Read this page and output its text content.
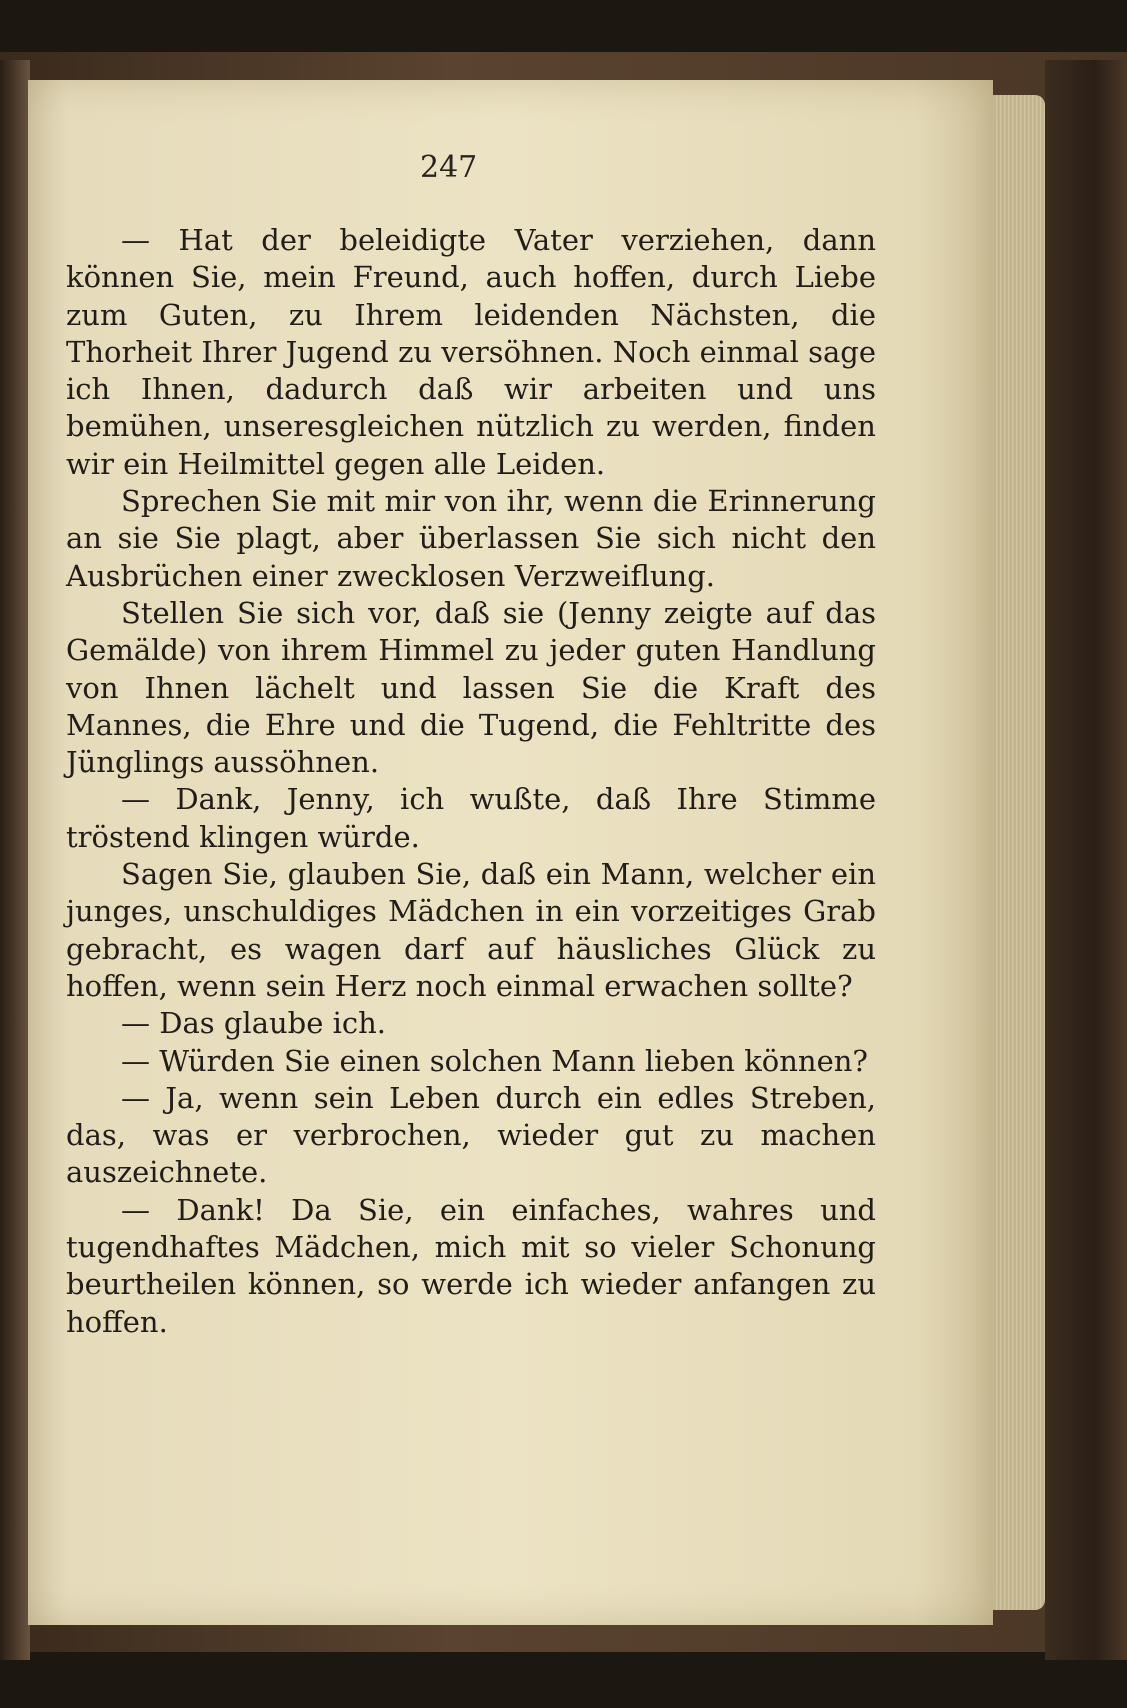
247

— Hat der beleidigte Vater verziehen, dann können Sie, mein Freund, auch hoffen, durch Liebe zum Guten, zu Ihrem leidenden Nächsten, die Thorheit Ihrer Jugend zu versöhnen. Noch einmal sage ich Ihnen, dadurch daß wir arbeiten und uns bemühen, unseresgleichen nützlich zu werden, finden wir ein Heilmittel gegen alle Leiden.

Sprechen Sie mit mir von ihr, wenn die Erinnerung an sie Sie plagt, aber überlassen Sie sich nicht den Ausbrüchen einer zwecklosen Verzweiflung.

Stellen Sie sich vor, daß sie (Jenny zeigte auf das Gemälde) von ihrem Himmel zu jeder guten Handlung von Ihnen lächelt und lassen Sie die Kraft des Mannes, die Ehre und die Tugend, die Fehltritte des Jünglings aussöhnen.

— Dank, Jenny, ich wußte, daß Ihre Stimme tröstend klingen würde.

Sagen Sie, glauben Sie, daß ein Mann, welcher ein junges, unschuldiges Mädchen in ein vorzeitiges Grab gebracht, es wagen darf auf häusliches Glück zu hoffen, wenn sein Herz noch einmal erwachen sollte?

— Das glaube ich.

— Würden Sie einen solchen Mann lieben können?

— Ja, wenn sein Leben durch ein edles Streben, das, was er verbrochen, wieder gut zu machen auszeichnete.

— Dank! Da Sie, ein einfaches, wahres und tugendhaftes Mädchen, mich mit so vieler Schonung beurtheilen können, so werde ich wieder anfangen zu hoffen.
